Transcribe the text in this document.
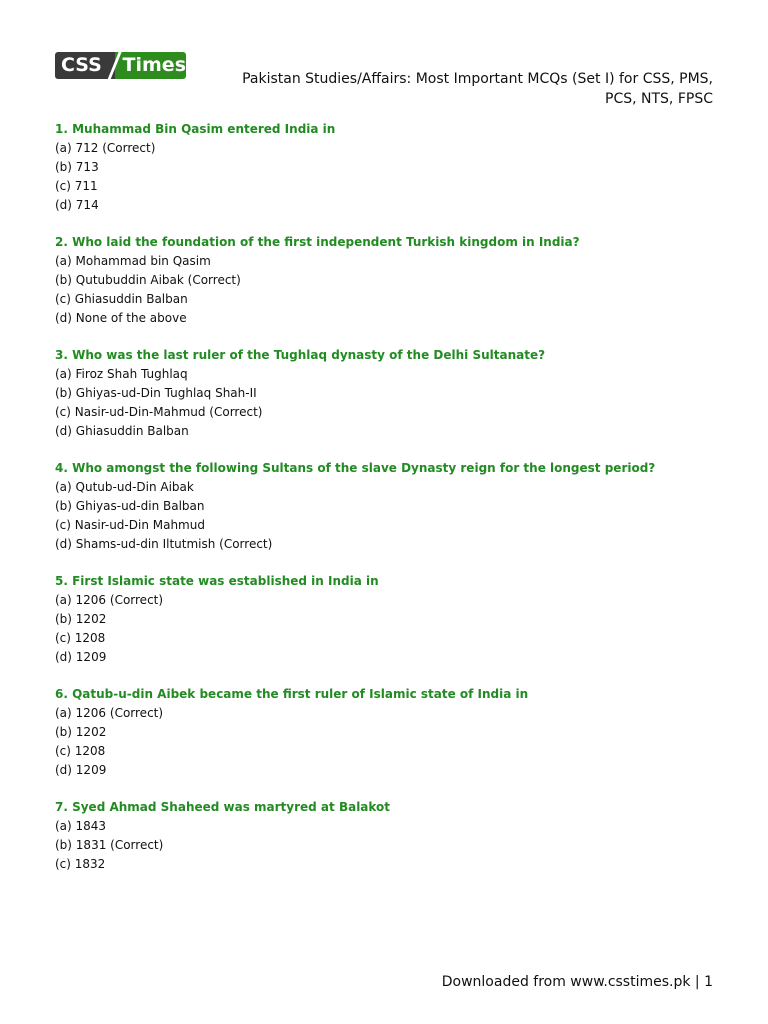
CSS	Times
Pakistan Studies/Affairs: Most Important MCQs (Set I) for CSS, PMS,
PCS, NTS, FPSC
1. Muhammad Bin Qasim entered India in
(a) 712 (Correct)
(b) 713
(c) 711
(d) 714
2. Who laid the foundation of the first independent Turkish kingdom in India?
(a) Mohammad bin Qasim
(b) Qutubuddin Aibak (Correct)
(c) Ghiasuddin Balban
(d) None of the above
3. Who was the last ruler of the Tughlaq dynasty of the Delhi Sultanate?
(a) Firoz Shah Tughlaq
(b) Ghiyas-ud-Din Tughlaq Shah-II
(c) Nasir-ud-Din-Mahmud (Correct)
(d) Ghiasuddin Balban
4. Who amongst the following Sultans of the slave Dynasty reign for the longest period?
(a) Qutub-ud-Din Aibak
(b) Ghiyas-ud-din Balban
(c) Nasir-ud-Din Mahmud
(d) Shams-ud-din Iltutmish (Correct)
5. First Islamic state was established in India in
(a) 1206 (Correct)
(b) 1202
(c) 1208
(d) 1209
6. Qatub-u-din Aibek became the first ruler of Islamic state of India in
(a) 1206 (Correct)
(b) 1202
(c) 1208
(d) 1209
7. Syed Ahmad Shaheed was martyred at Balakot
(a) 1843
(b) 1831 (Correct)
(c) 1832
Downloaded from www.csstimes.pk | 1
